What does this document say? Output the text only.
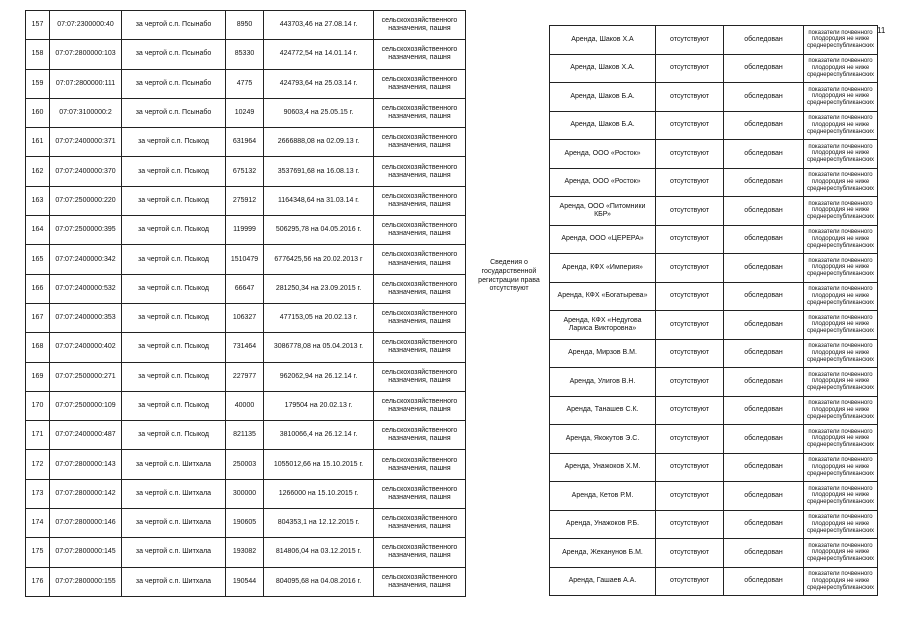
157	07:07:2300000:40	за чертой с.п. Псынабо	8950	443703,46 на 27.08.14 г.	сельскохозяйственного назначения, пашня
158	07:07:2800000:103	за чертой с.п. Псынабо	85330	424772,54 на 14.01.14 г.	сельскохозяйственного назначения, пашня
159	07:07:2800000:111	за чертой с.п. Псынабо	4775	424793,64 на 25.03.14 г.	сельскохозяйственного назначения, пашня
160	07:07:3100000:2	за чертой с.п. Псынабо	10249	90603,4 на 25.05.15 г.	сельскохозяйственного назначения, пашня
161	07:07:2400000:371	за чертой с.п. Псыкод	631964	2666888,08 на 02.09.13 г.	сельскохозяйственного назначения, пашня
162	07:07:2400000:370	за чертой с.п. Псыкод	675132	3537691,68 на 16.08.13 г.	сельскохозяйственного назначения, пашня
163	07:07:2500000:220	за чертой с.п. Псыкод	275912	1164348,64 на 31.03.14 г.	сельскохозяйственного назначения, пашня
164	07:07:2500000:395	за чертой с.п. Псыкод	119999	506295,78 на 04.05.2016 г.	сельскохозяйственного назначения, пашня
165	07:07:2400000:342	за чертой с.п. Псыкод	1510479	6776425,56 на 20.02.2013 г	сельскохозяйственного назначения, пашня
166	07:07:2400000:532	за чертой с.п. Псыкод	66647	281250,34 на 23.09.2015 г.	сельскохозяйственного назначения, пашня
167	07:07:2400000:353	за чертой с.п. Псыкод	106327	477153,05 на 20.02.13 г.	сельскохозяйственного назначения, пашня
168	07:07:2400000:402	за чертой с.п. Псыкод	731464	3086778,08 на 05.04.2013 г.	сельскохозяйственного назначения, пашня
169	07:07:2500000:271	за чертой с.п. Псыкод	227977	962062,94 на 26.12.14 г.	сельскохозяйственного назначения, пашня
170	07:07:2500000:109	за чертой с.п. Псыкод	40000	179504 на 20.02.13 г.	сельскохозяйственного назначения, пашня
171	07:07:2400000:487	за чертой с.п. Псыкод	821135	3810066,4 на 26.12.14 г.	сельскохозяйственного назначения, пашня
172	07:07:2800000:143	за чертой с.п. Шитхала	250003	1055012,66 на 15.10.2015 г.	сельскохозяйственного назначения, пашня
173	07:07:2800000:142	за чертой с.п. Шитхала	300000	1266000 на 15.10.2015 г.	сельскохозяйственного назначения, пашня
174	07:07:2800000:146	за чертой с.п. Шитхала	190605	804353,1 на 12.12.2015 г.	сельскохозяйственного назначения, пашня
175	07:07:2800000:145	за чертой с.п. Шитхала	193082	814806,04 на 03.12.2015 г.	сельскохозяйственного назначения, пашня
176	07:07:2800000:155	за чертой с.п. Шитхала	190544	804095,68 на 04.08.2016 г.	сельскохозяйственного назначения, пашня
Сведения о государственной регистрации права отсутствуют
Аренда, Шаков Х.А	отсутствуют	обследован	показатели почвенного плодородия не ниже среднереспубликанских
Аренда, Шаков Х.А.	отсутствуют	обследован	показатели почвенного плодородия не ниже среднереспубликанских
Аренда, Шаков Б.А.	отсутствуют	обследован	показатели почвенного плодородия не ниже среднереспубликанских
Аренда, Шаков Б.А.	отсутствуют	обследован	показатели почвенного плодородия не ниже среднереспубликанских
Аренда, ООО «Росток»	отсутствуют	обследован	показатели почвенного плодородия не ниже среднереспубликанских
Аренда, ООО «Росток»	отсутствуют	обследован	показатели почвенного плодородия не ниже среднереспубликанских
Аренда, ООО «Питомники КБР»	отсутствуют	обследован	показатели почвенного плодородия не ниже среднереспубликанских
Аренда, ООО «ЦЕРЕРА»	отсутствуют	обследован	показатели почвенного плодородия не ниже среднереспубликанских
Аренда, КФХ «Империя»	отсутствуют	обследован	показатели почвенного плодородия не ниже среднереспубликанских
Аренда, КФХ «Богатырева»	отсутствуют	обследован	показатели почвенного плодородия не ниже среднереспубликанских
Аренда, КФХ «Недугова Лариса Викторовна»	отсутствуют	обследован	показатели почвенного плодородия не ниже среднереспубликанских
Аренда, Мирзов В.М.	отсутствуют	обследован	показатели почвенного плодородия не ниже среднереспубликанских
Аренда, Улигов В.Н.	отсутствуют	обследован	показатели почвенного плодородия не ниже среднереспубликанских
Аренда, Танашев С.К.	отсутствуют	обследован	показатели почвенного плодородия не ниже среднереспубликанских
Аренда, Якокутов Э.С.	отсутствуют	обследован	показатели почвенного плодородия не ниже среднереспубликанских
Аренда, Унажоков Х.М.	отсутствуют	обследован	показатели почвенного плодородия не ниже среднереспубликанских
Аренда, Кетов Р.М.	отсутствуют	обследован	показатели почвенного плодородия не ниже среднереспубликанских
Аренда, Унажоков Р.Б.	отсутствуют	обследован	показатели почвенного плодородия не ниже среднереспубликанских
Аренда, Жеханунов Б.М.	отсутствуют	обследован	показатели почвенного плодородия не ниже среднереспубликанских
Аренда, Гашаев А.А.	отсутствуют	обследован	показатели почвенного плодородия не ниже среднереспубликанских
11
